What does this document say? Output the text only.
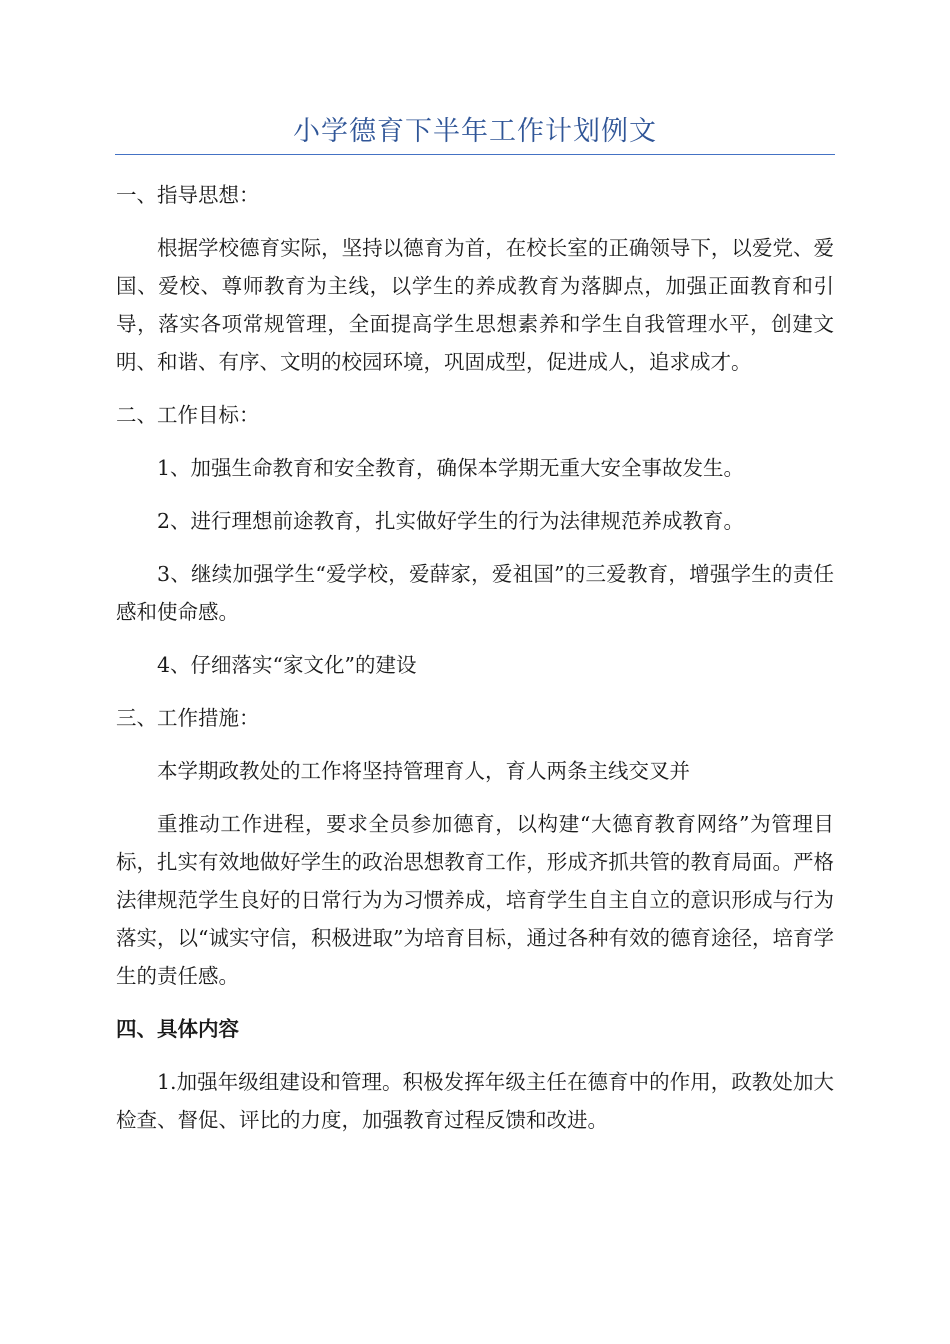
小学德育下半年工作计划例文

一、指导思想：

根据学校德育实际，坚持以德育为首，在校长室的正确领导下，以爱党、爱国、爱校、尊师教育为主线，以学生的养成教育为落脚点，加强正面教育和引导，落实各项常规管理，全面提高学生思想素养和学生自我管理水平，创建文明、和谐、有序、文明的校园环境，巩固成型，促进成人，追求成才。

二、工作目标：

1、加强生命教育和安全教育，确保本学期无重大安全事故发生。

2、进行理想前途教育，扎实做好学生的行为法律规范养成教育。

3、继续加强学生“爱学校，爱薛家，爱祖国”的三爱教育，增强学生的责任感和使命感。

4、仔细落实“家文化”的建设

三、工作措施：

本学期政教处的工作将坚持管理育人，育人两条主线交叉并

重推动工作进程，要求全员参加德育，以构建“大德育教育网络”为管理目标，扎实有效地做好学生的政治思想教育工作，形成齐抓共管的教育局面。严格法律规范学生良好的日常行为为习惯养成，培育学生自主自立的意识形成与行为落实，以“诚实守信，积极进取”为培育目标，通过各种有效的德育途径，培育学生的责任感。

四、具体内容

1.加强年级组建设和管理。积极发挥年级主任在德育中的作用，政教处加大检查、督促、评比的力度，加强教育过程反馈和改进。
